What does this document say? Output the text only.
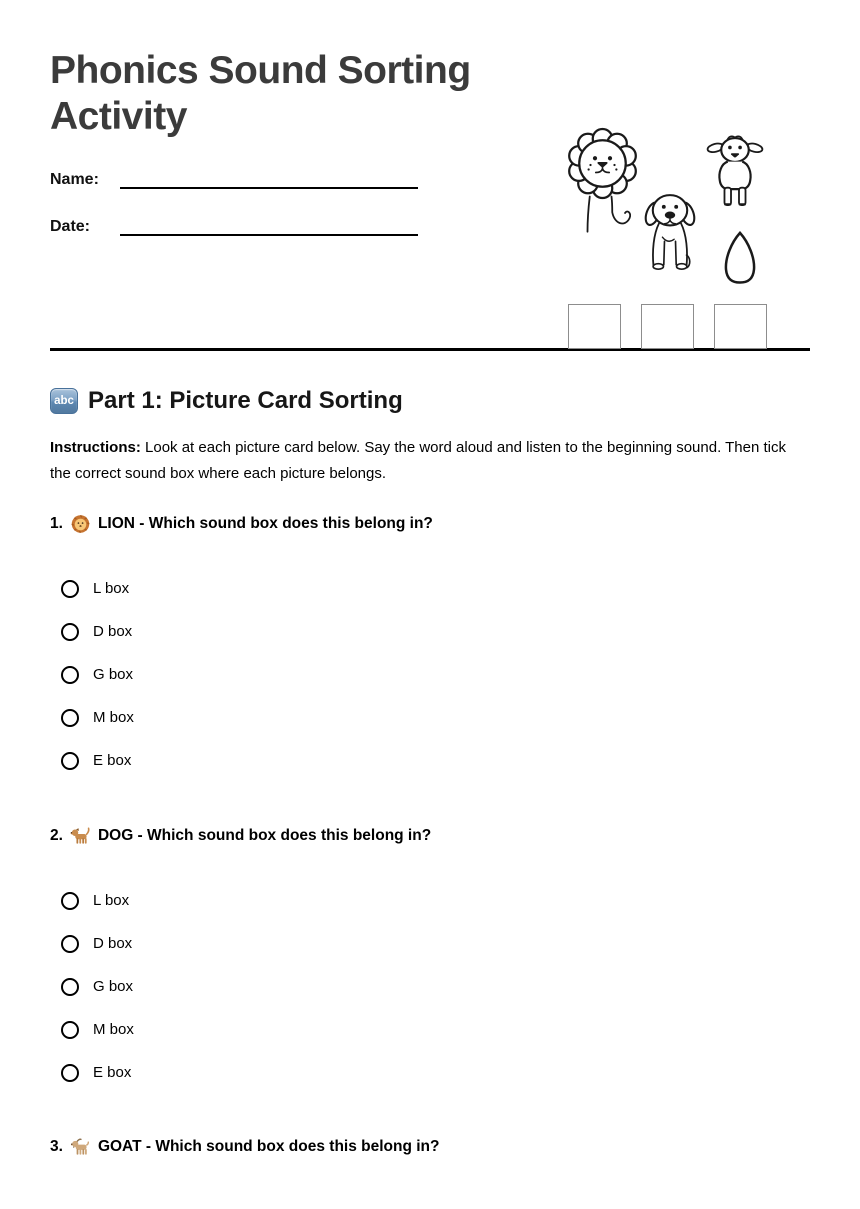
Phonics Sound Sorting Activity
Name:
Date:
abc Part 1: Picture Card Sorting

Instructions: Look at each picture card below. Say the word aloud and listen to the beginning sound. Then tick the correct sound box where each picture belongs.

1. LION - Which sound box does this belong in?
L box
D box
G box
M box
E box
2. DOG - Which sound box does this belong in?
L box
D box
G box
M box
E box
3. GOAT - Which sound box does this belong in?
